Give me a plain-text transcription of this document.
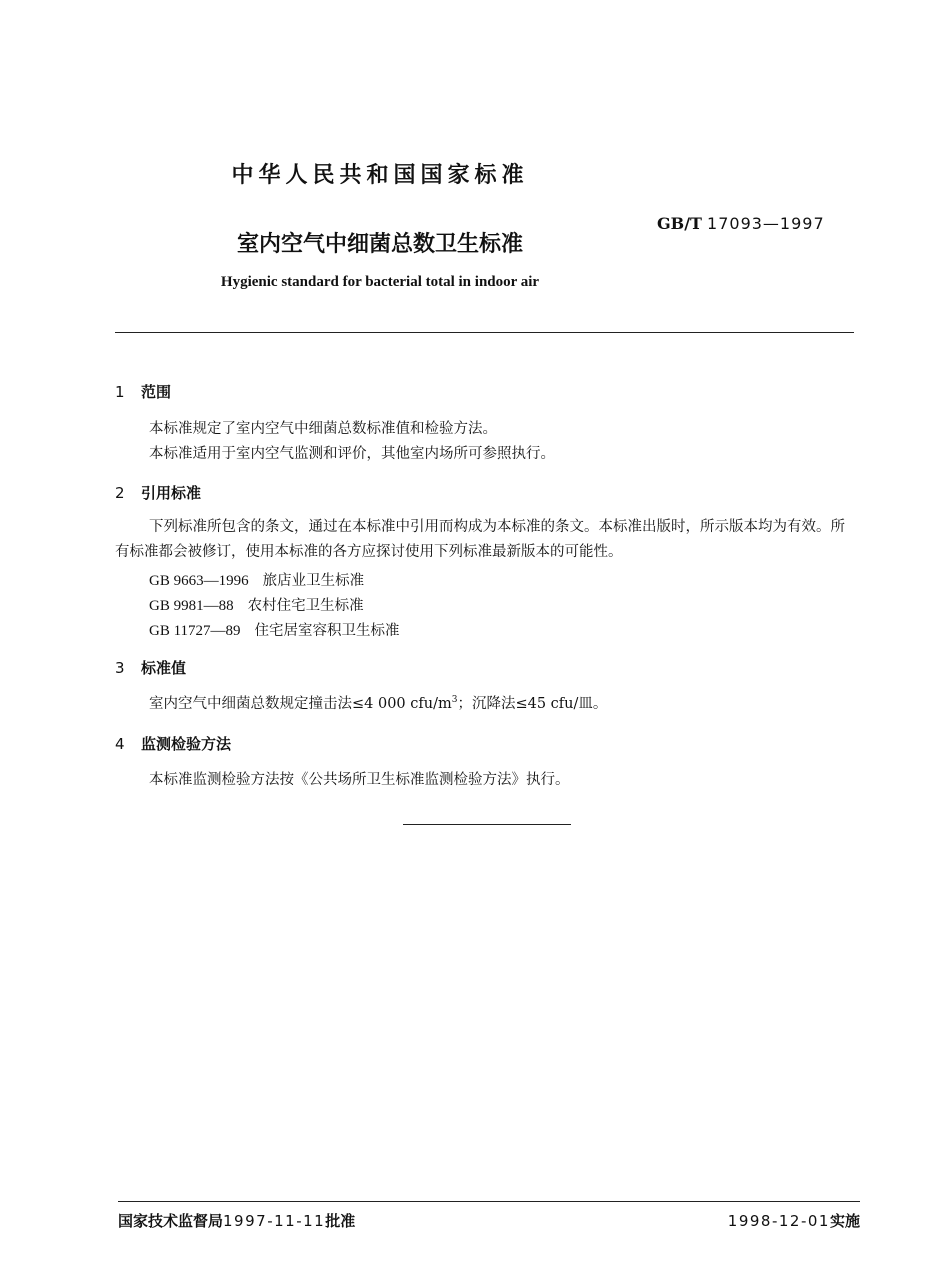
中华人民共和国国家标准
GB/T 17093—1997
室内空气中细菌总数卫生标准
Hygienic standard for bacterial total in indoor air
1 范围
本标准规定了室内空气中细菌总数标准值和检验方法。
本标准适用于室内空气监测和评价，其他室内场所可参照执行。
2 引用标准
下列标准所包含的条文，通过在本标准中引用而构成为本标准的条文。本标准出版时，所示版本均为有效。所有标准都会被修订，使用本标准的各方应探讨使用下列标准最新版本的可能性。
GB 9663—1996 旅店业卫生标准
GB 9981—88 农村住宅卫生标准
GB 11727—89 住宅居室容积卫生标准
3 标准值
室内空气中细菌总数规定撞击法≤4 000 cfu/$m^3$；沉降法≤45 cfu/皿。
4 监测检验方法
本标准监测检验方法按《公共场所卫生标准监测检验方法》执行。
国家技术监督局1997-11-11批准	1998-12-01实施
